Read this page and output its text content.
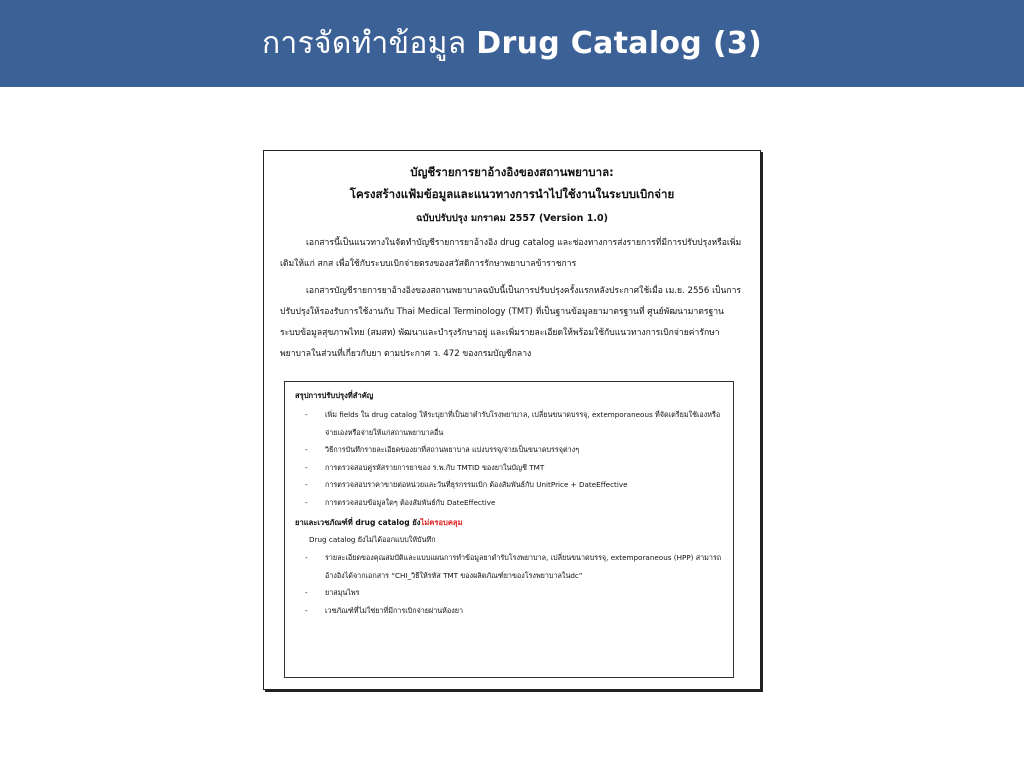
การจัดทำข้อมูล Drug Catalog (3)
บัญชีรายการยาอ้างอิงของสถานพยาบาล:
โครงสร้างแฟ้มข้อมูลและแนวทางการนำไปใช้งานในระบบเบิกจ่าย
ฉบับปรับปรุง มกราคม 2557 (Version 1.0)
เอกสารนี้เป็นแนวทางในจัดทำบัญชีรายการยาอ้างอิง drug catalog และช่องทางการส่งรายการที่มีการปรับปรุงหรือเพิ่มเติมให้แก่ สกส เพื่อใช้กับระบบเบิกจ่ายตรงของสวัสดิการรักษาพยาบาลข้าราชการ
เอกสารบัญชีรายการยาอ้างอิงของสถานพยาบาลฉบับนี้เป็นการปรับปรุงครั้งแรกหลังประกาศใช้เมื่อ เม.ย. 2556 เป็นการปรับปรุงให้รองรับการใช้งานกับ Thai Medical Terminology (TMT) ที่เป็นฐานข้อมูลยามาตรฐานที่ ศูนย์พัฒนามาตรฐานระบบข้อมูลสุขภาพไทย (สมสท) พัฒนาและบำรุงรักษาอยู่ และเพิ่มรายละเอียดให้พร้อมใช้กับแนวทางการเบิกจ่ายค่ารักษาพยาบาลในส่วนที่เกี่ยวกับยา ตามประกาศ ว. 472 ของกรมบัญชีกลาง
สรุปการปรับปรุงที่สำคัญ
- เพิ่ม fields ใน drug catalog ให้ระบุยาที่เป็นยาตำรับโรงพยาบาล, เปลี่ยนขนาดบรรจุ, extemporaneous ที่จัดเตรียมใช้เองหรือจ่ายเองหรือจ่ายให้แก่สถานพยาบาลอื่น
- วิธีการบันทึกรายละเอียดของยาที่สถานพยาบาล แบ่งบรรจุ/จ่ายเป็นขนาดบรรจุต่างๆ
- การตรวจสอบคู่รหัสรายการยาของ ร.พ.กับ TMTID ของยาในบัญชี TMT
- การตรวจสอบราคาขายต่อหน่วยและวันที่ธุรกรรมเบิก ต้องสัมพันธ์กับ UnitPrice + DateEffective
- การตรวจสอบข้อมูลใดๆ ต้องสัมพันธ์กับ DateEffective
ยาและเวชภัณฑ์ที่ drug catalog ยังไม่ครอบคลุม
Drug catalog ยังไม่ได้ออกแบบให้บันทึก
- รายละเอียดของคุณสมบัติและแบบแผนการทำข้อมูลยาตำรับโรงพยาบาล, เปลี่ยนขนาดบรรจุ, extemporaneous (HPP) สามารถอ้างอิงได้จากเอกสาร “CHI_วิธีให้รหัส TMT ของผลิตภัณฑ์ยาของโรงพยาบาลในdc”
- ยาสมุนไพร
- เวชภัณฑ์ที่ไม่ใช่ยาที่มีการเบิกจ่ายผ่านห้องยา
